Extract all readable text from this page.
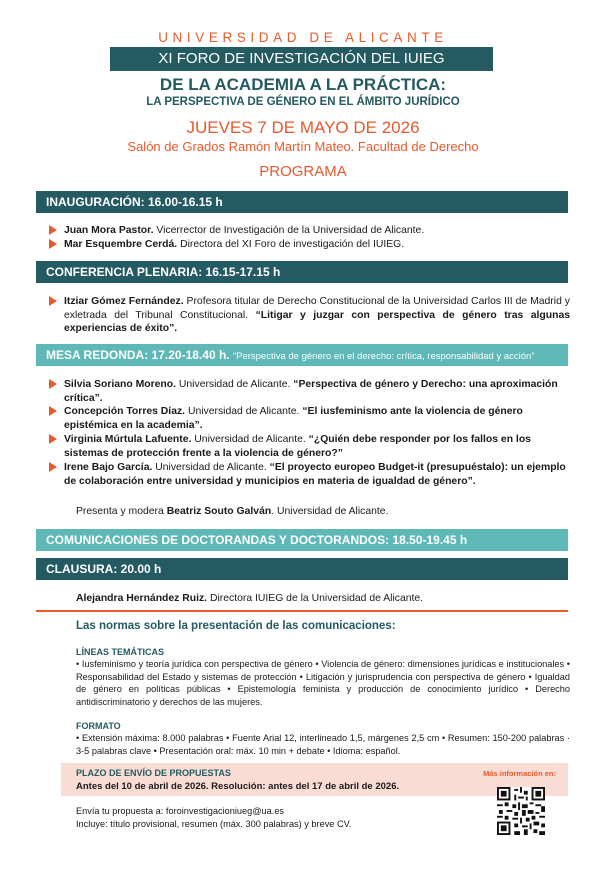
UNIVERSIDAD DE ALICANTE
XI FORO DE INVESTIGACIÓN DEL IUIEG
DE LA ACADEMIA A LA PRÁCTICA:
LA PERSPECTIVA DE GÉNERO EN EL ÁMBITO JURÍDICO
JUEVES 7 DE MAYO DE 2026
Salón de Grados Ramón Martín Mateo. Facultad de Derecho
PROGRAMA
INAUGURACIÓN: 16.00-16.15 h
Juan Mora Pastor. Vicerrector de Investigación de la Universidad de Alicante.
Mar Esquembre Cerdá. Directora del XI Foro de investigación del IUIEG.
CONFERENCIA PLENARIA: 16.15-17.15 h
Itziar Gómez Fernández. Profesora titular de Derecho Constitucional de la Universidad Carlos III de Madrid y exletrada del Tribunal Constitucional. “Litigar y juzgar con perspectiva de género tras algunas experiencias de éxito”.
MESA REDONDA: 17.20-18.40 h. “Perspectiva de género en el derecho: crítica, responsabilidad y acción”
Silvia Soriano Moreno. Universidad de Alicante. “Perspectiva de género y Derecho: una aproximación crítica”.
Concepción Torres Díaz. Universidad de Alicante. “El iusfeminismo ante la violencia de género epistémica en la academia”.
Virginia Múrtula Lafuente. Universidad de Alicante. “¿Quién debe responder por los fallos en los sistemas de protección frente a la violencia de género?”
Irene Bajo García. Universidad de Alicante. “El proyecto europeo Budget-it (presupuéstalo): un ejemplo de colaboración entre universidad y municipios en materia de igualdad de género”.
Presenta y modera Beatriz Souto Galván. Universidad de Alicante.
COMUNICACIONES DE DOCTORANDAS Y DOCTORANDOS: 18.50-19.45 h
CLAUSURA: 20.00 h
Alejandra Hernández Ruiz. Directora IUIEG de la Universidad de Alicante.
Las normas sobre la presentación de las comunicaciones:
LÍNEAS TEMÁTICAS
• Iusfeminismo y teoría jurídica con perspectiva de género • Violencia de género: dimensiones jurídicas e institucionales • Responsabilidad del Estado y sistemas de protección • Litigación y jurisprudencia con perspectiva de género • Igualdad de género en políticas públicas • Epistemología feminista y producción de conocimiento jurídico • Derecho antidiscriminatorio y derechos de las mujeres.
FORMATO
• Extensión máxima: 8.000 palabras • Fuente Arial 12, interlineado 1,5, márgenes 2,5 cm • Resumen: 150-200 palabras · 3-5 palabras clave • Presentación oral: máx. 10 min + debate • Idioma: español.
PLAZO DE ENVÍO DE PROPUESTAS
Antes del 10 de abril de 2026. Resolución: antes del 17 de abril de 2026.
Más información en:
Envía tu propuesta a: foroinvestigacioniueg@ua.es
Incluye: título provisional, resumen (máx. 300 palabras) y breve CV.
